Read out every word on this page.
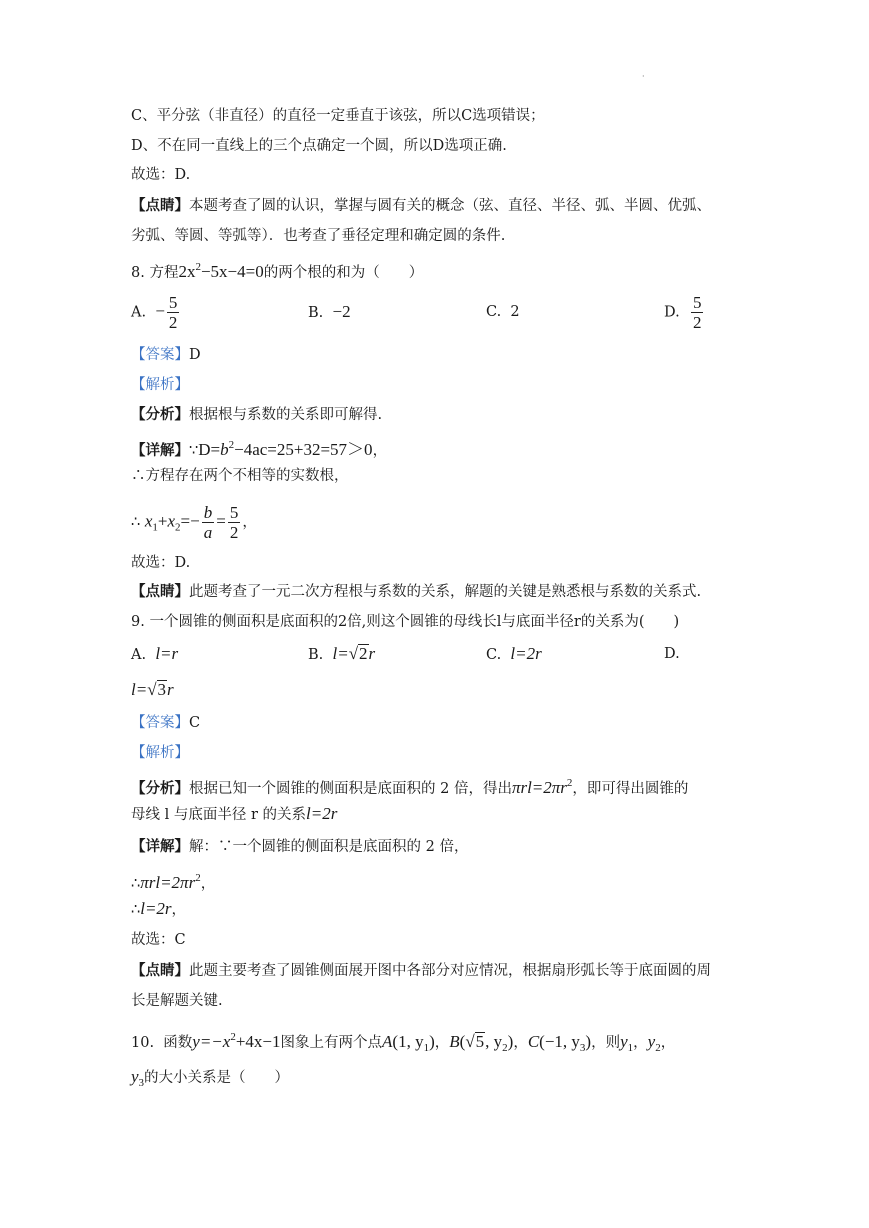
·
C、平分弦（非直径）的直径一定垂直于该弦，所以C选项错误；
D、不在同一直线上的三个点确定一个圆，所以D选项正确.
故选：D.
【点睛】本题考查了圆的认识，掌握与圆有关的概念（弦、直径、半径、弧、半圆、优弧、
劣弧、等圆、等弧等）．也考查了垂径定理和确定圆的条件.
8. 方程$2x^2-5x-4=0$的两个根的和为（　　）
A. − $\frac{5}{2}$	B. −2	C. 2	D. $\frac{5}{2}$
【答案】D
【解析】
【分析】根据根与系数的关系即可解得.
【详解】$\because D=b^2-4ac=25+32=57>0$，
∴方程存在两个不相等的实数根，
∴ $x_1+x_2=- \frac{b}{a} = \frac{5}{2}$ ，
故选：D.
【点睛】此题考查了一元二次方程根与系数的关系，解题的关键是熟悉根与系数的关系式.
9. 一个圆锥的侧面积是底面积的2倍,则这个圆锥的母线长l与底面半径r的关系为(　　)
A. l=r	B. l=√2r	C. l=2r	D.
l=√3r
【答案】C
【解析】
【分析】根据已知一个圆锥的侧面积是底面积的 2 倍，得出$\pi rl=2\pi r^2$，即可得出圆锥的
母线 l 与底面半径 r 的关系l=2r
【详解】解：∵一个圆锥的侧面积是底面积的 2 倍，
$\therefore\pi rl=2\pi r^2$，
∴l=2r，
故选：C
【点睛】此题主要考查了圆锥侧面展开图中各部分对应情况，根据扇形弧长等于底面圆的周
长是解题关键.
10. 函数$y=-x^2+4x-1$图象上有两个点A(1, $y_1$)，B(√5, $y_2$)，C(−1, $y_3$)，则$y_1$，$y_2$，
$y_3$的大小关系是（　　）
